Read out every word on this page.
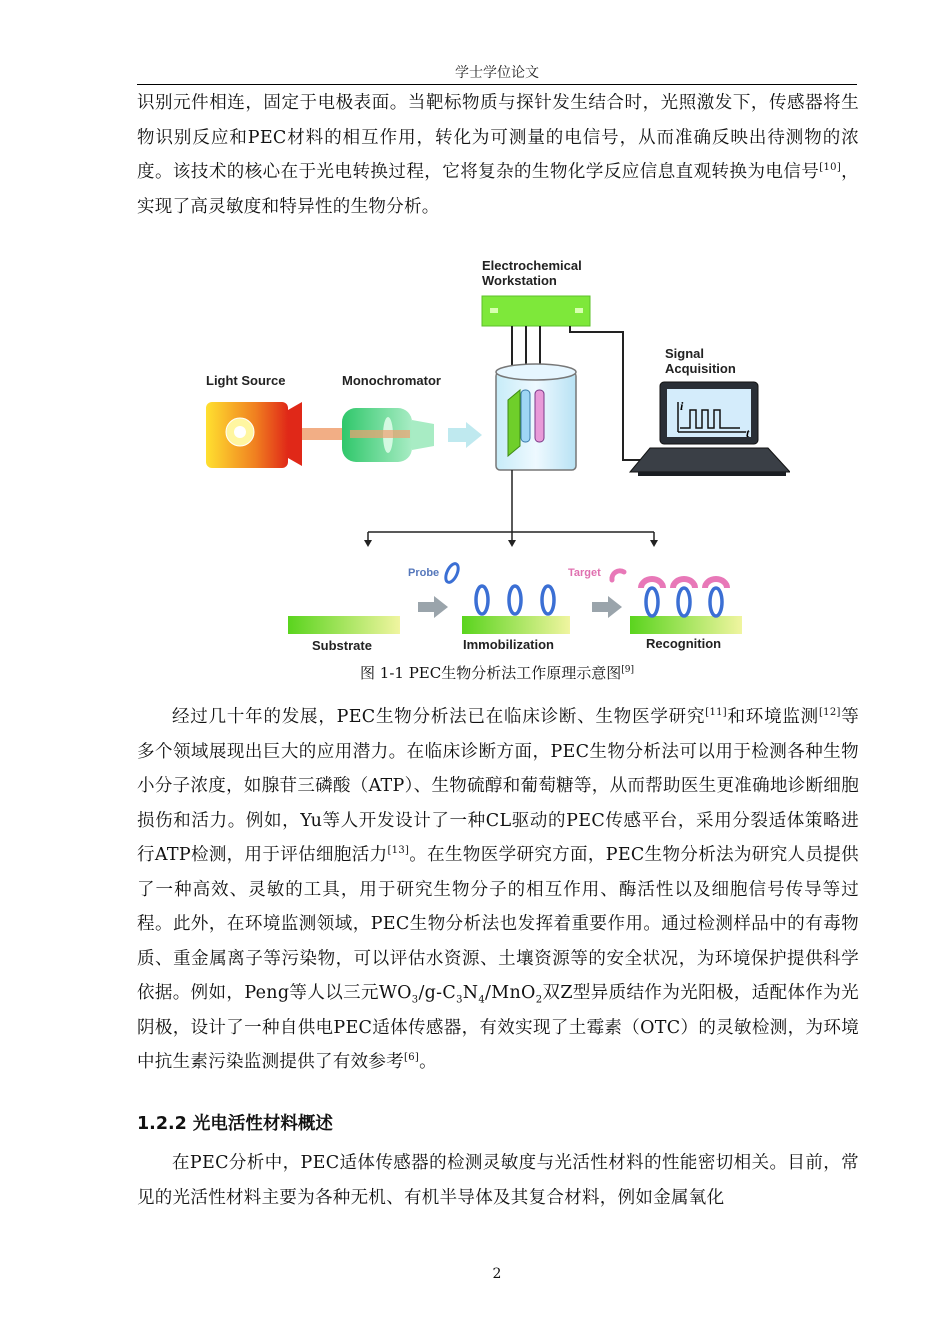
学士学位论文

识别元件相连，固定于电极表面。当靶标物质与探针发生结合时，光照激发下，传感器将生物识别反应和PEC材料的相互作用，转化为可测量的电信号，从而准确反映出待测物的浓度。该技术的核心在于光电转换过程，它将复杂的生物化学反应信息直观转换为电信号[10]，实现了高灵敏度和特异性的生物分析。

Electrochemical
Workstation
Signal
Acquisition
i
t
Light Source	Monochromator
Substrate
Probe
Immobilization
Target
Recognition
图 1-1 PEC生物分析法工作原理示意图[9]

经过几十年的发展，PEC生物分析法已在临床诊断、生物医学研究[11]和环境监测[12]等多个领域展现出巨大的应用潜力。在临床诊断方面，PEC生物分析法可以用于检测各种生物小分子浓度，如腺苷三磷酸（ATP）、生物硫醇和葡萄糖等，从而帮助医生更准确地诊断细胞损伤和活力。例如，Yu等人开发设计了一种CL驱动的PEC传感平台，采用分裂适体策略进行ATP检测，用于评估细胞活力[13]。在生物医学研究方面，PEC生物分析法为研究人员提供了一种高效、灵敏的工具，用于研究生物分子的相互作用、酶活性以及细胞信号传导等过程。此外，在环境监测领域，PEC生物分析法也发挥着重要作用。通过检测样品中的有毒物质、重金属离子等污染物，可以评估水资源、土壤资源等的安全状况，为环境保护提供科学依据。例如，Peng等人以三元$WO_3/g-C_3N_4/MnO_2$双Z型异质结作为光阳极，适配体作为光阴极，设计了一种自供电PEC适体传感器，有效实现了土霉素（OTC）的灵敏检测，为环境中抗生素污染监测提供了有效参考[6]。

1.2.2 光电活性材料概述

在PEC分析中，PEC适体传感器的检测灵敏度与光活性材料的性能密切相关。目前，常见的光活性材料主要为各种无机、有机半导体及其复合材料，例如金属氧化

2
